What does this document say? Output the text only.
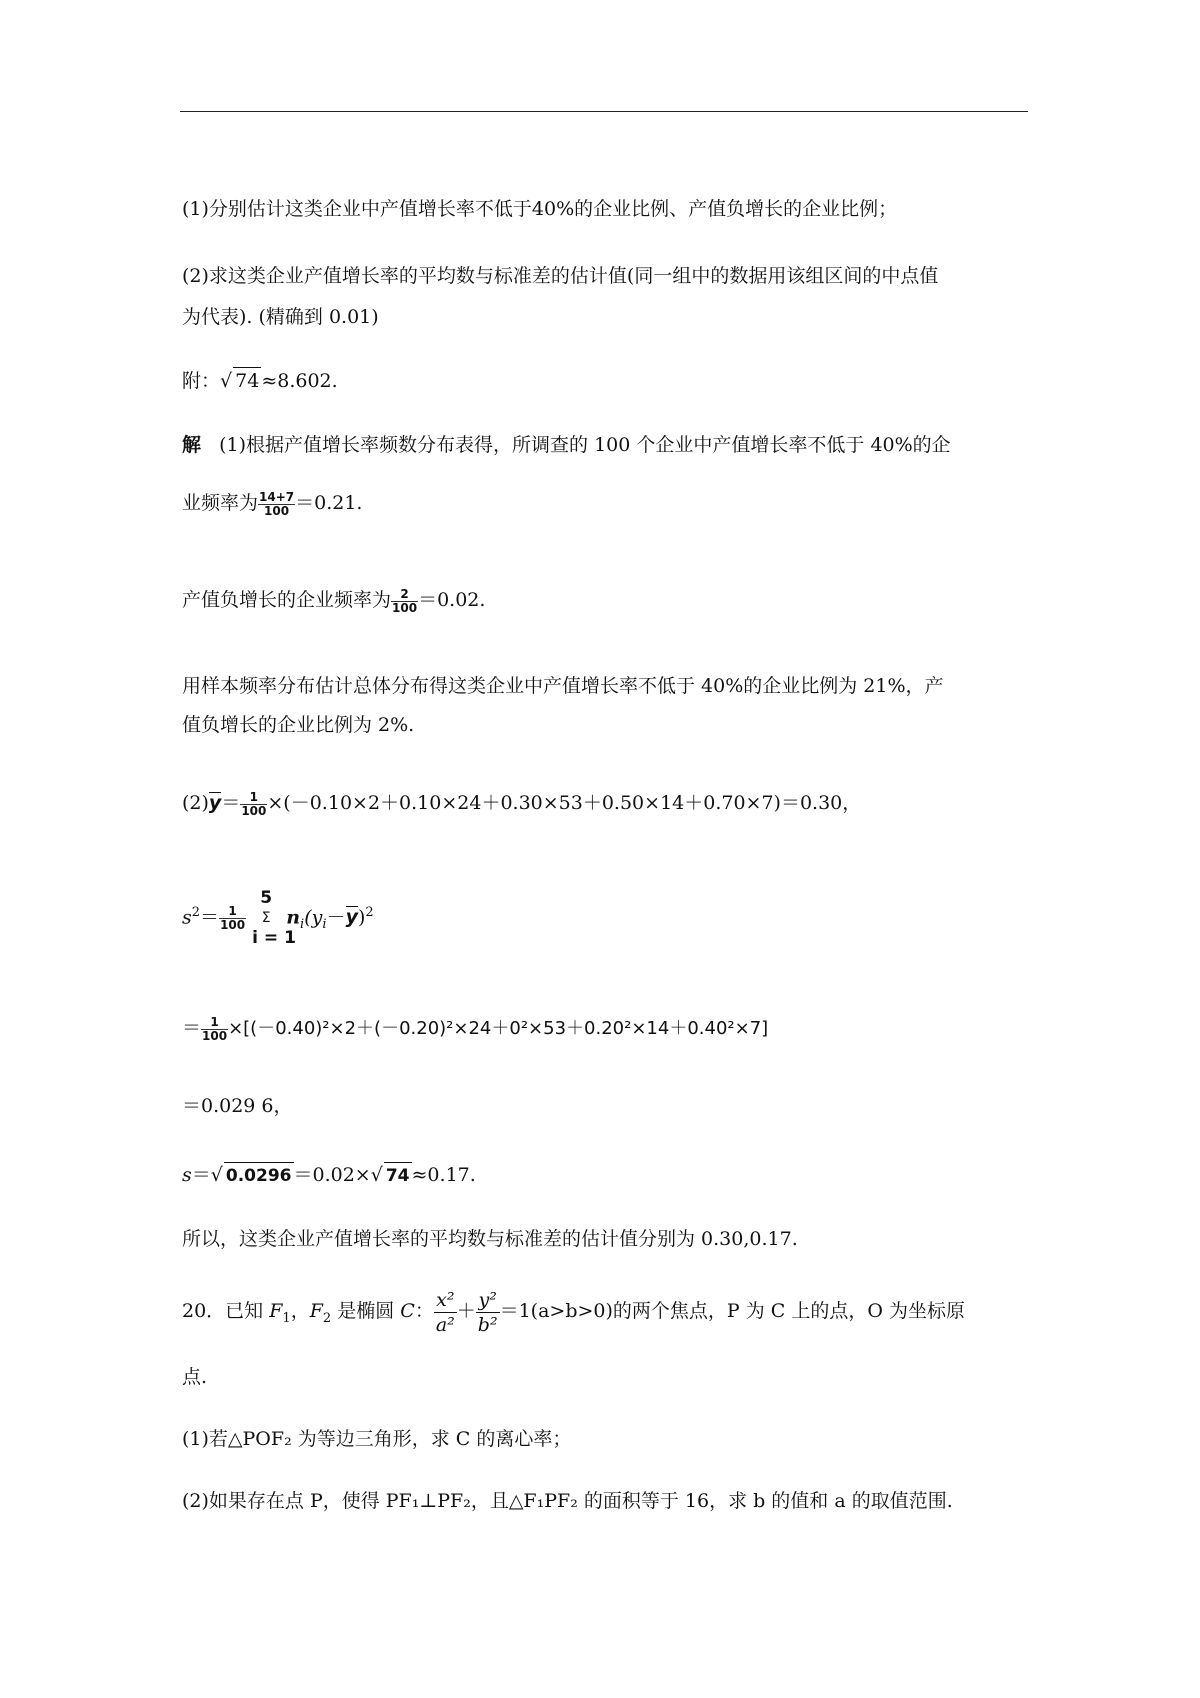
(1)分别估计这类企业中产值增长率不低于40%的企业比例、产值负增长的企业比例；
(2)求这类企业产值增长率的平均数与标准差的估计值(同一组中的数据用该组区间的中点值
为代表). (精确到 0.01)
附：√ 74 ≈8.602.
解 (1)根据产值增长率频数分布表得，所调查的 100 个企业中产值增长率不低于 40%的企
业频率为 $\frac{14+7}{100} =0.21$.
产值负增长的企业频率为 $\frac{2}{100} =0.02$.
用样本频率分布估计总体分布得这类企业中产值增长率不低于 40%的企业比例为 21%，产
值负增长的企业比例为 2%.
$(2)y= \frac{1}{100} \times(-0.10\times 2+0.10\times 24+0.30\times 53+0.50\times 14+0.70\times 7)=0.30$，
$s^2= \frac{1}{100}$

5
Σ
i = 1
$n_i(y_i-y)^2$
＝ $\frac{1}{100} \times[(-0.40)^2\times 2+(-0.20)^2\times 24+0^2\times 53+0.20^2\times 14+0.40^2\times 7]$
＝0.029 6，
s＝√ 0.0296 ＝0.02×√ 74 ≈0.17.
所以，这类企业产值增长率的平均数与标准差的估计值分别为 0.30,0.17.
20．已知 $F_1$，$F_2$ 是椭圆 C： $\frac{\text{x²}}{\text{a²}} + \frac{\text{y²}}{\text{b²}} =1(a>b>0)$的两个焦点，P 为 C 上的点，O 为坐标原
点.
(1)若△POF₂ 为等边三角形，求 C 的离心率；
(2)如果存在点 P，使得 PF₁⊥PF₂，且△F₁PF₂ 的面积等于 16，求 b 的值和 a 的取值范围.
